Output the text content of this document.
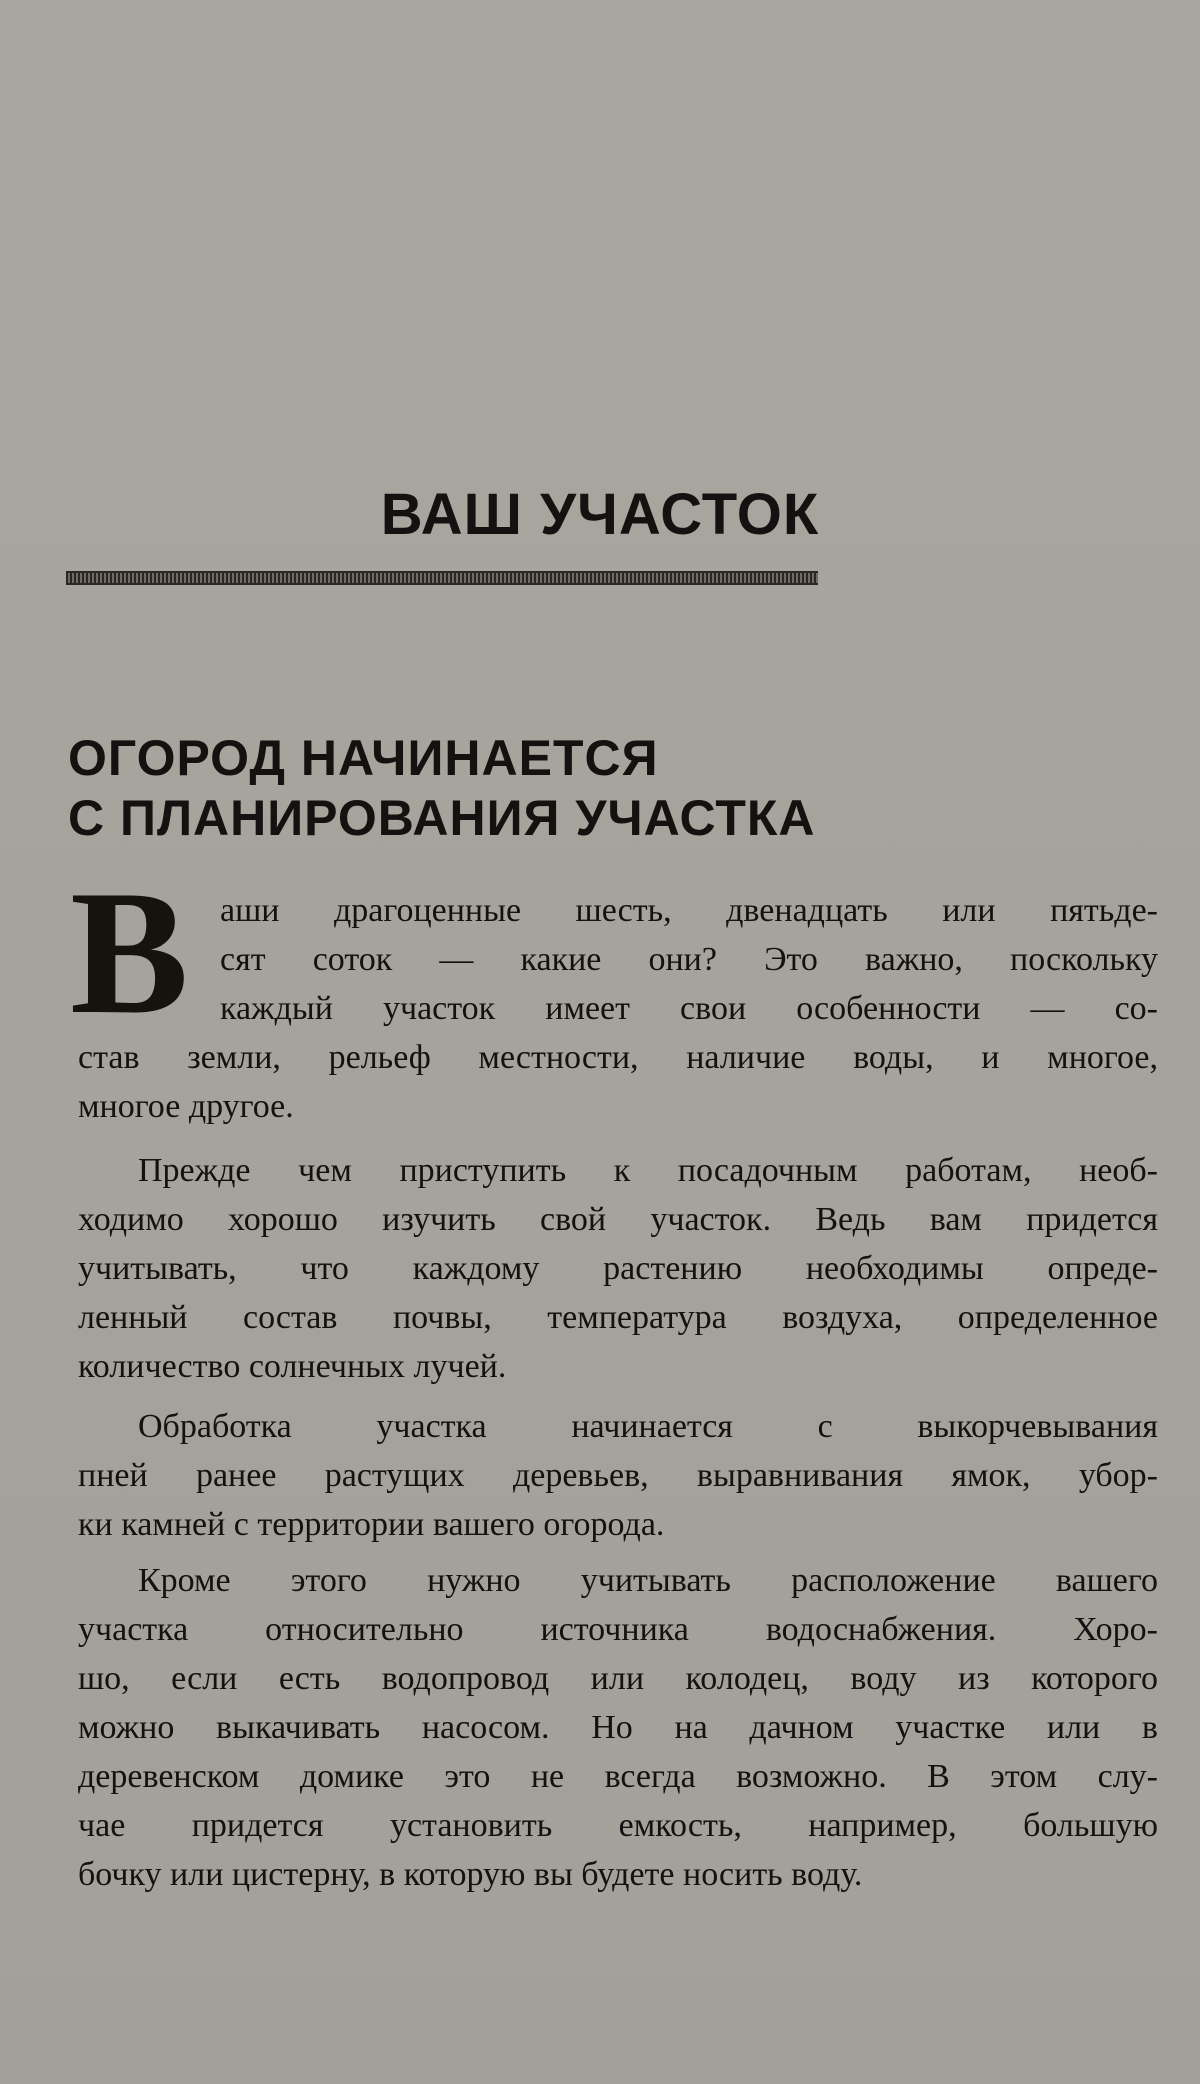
ВАШ УЧАСТОК
ОГОРОД НАЧИНАЕТСЯ
С ПЛАНИРОВАНИЯ УЧАСТКА
В аши драгоценные шесть, двенадцать или пятьде-
сят соток — какие они? Это важно, поскольку
каждый участок имеет свои особенности — со-
став земли, рельеф местности, наличие воды, и многое,
многое другое.
Прежде чем приступить к посадочным работам, необ-
ходимо хорошо изучить свой участок. Ведь вам придется
учитывать, что каждому растению необходимы опреде-
ленный состав почвы, температура воздуха, определенное
количество солнечных лучей.
Обработка участка начинается с выкорчевывания
пней ранее растущих деревьев, выравнивания ямок, убор-
ки камней с территории вашего огорода.
Кроме этого нужно учитывать расположение вашего
участка относительно источника водоснабжения. Хоро-
шо, если есть водопровод или колодец, воду из которого
можно выкачивать насосом. Но на дачном участке или в
деревенском домике это не всегда возможно. В этом слу-
чае придется установить емкость, например, большую
бочку или цистерну, в которую вы будете носить воду.
